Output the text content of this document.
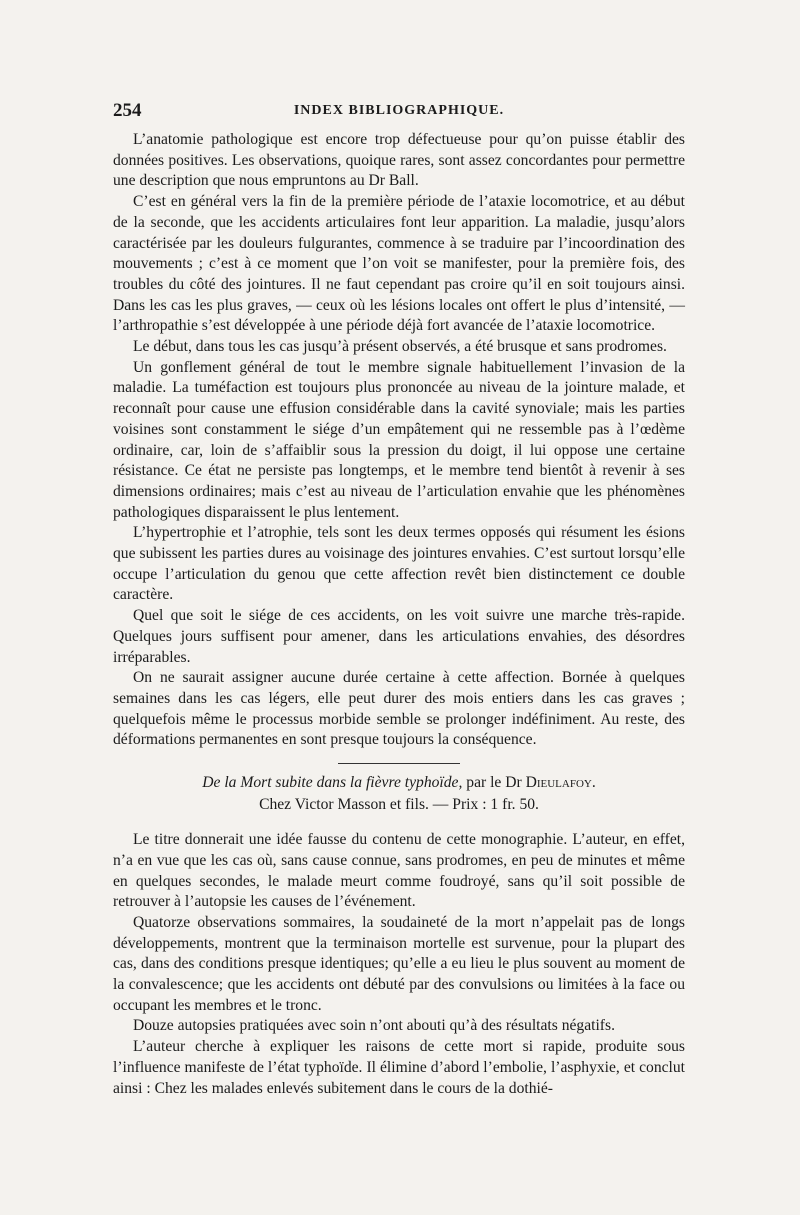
254	INDEX BIBLIOGRAPHIQUE.

L’anatomie pathologique est encore trop défectueuse pour qu’on puisse établir des données positives. Les observations, quoique rares, sont assez concordantes pour permettre une description que nous empruntons au Dr Ball.

C’est en général vers la fin de la première période de l’ataxie locomotrice, et au début de la seconde, que les accidents articulaires font leur apparition. La maladie, jusqu’alors caractérisée par les douleurs fulgurantes, commence à se traduire par l’incoordination des mouvements ; c’est à ce moment que l’on voit se manifester, pour la première fois, des troubles du côté des jointures. Il ne faut cependant pas croire qu’il en soit toujours ainsi. Dans les cas les plus graves, — ceux où les lésions locales ont offert le plus d’intensité, — l’arthropathie s’est développée à une période déjà fort avancée de l’ataxie locomotrice.

Le début, dans tous les cas jusqu’à présent observés, a été brusque et sans prodromes.

Un gonflement général de tout le membre signale habituellement l’invasion de la maladie. La tuméfaction est toujours plus prononcée au niveau de la jointure malade, et reconnaît pour cause une effusion considérable dans la cavité synoviale; mais les parties voisines sont constamment le siége d’un empâtement qui ne ressemble pas à l’œdème ordinaire, car, loin de s’affaiblir sous la pression du doigt, il lui oppose une certaine résistance. Ce état ne persiste pas longtemps, et le membre tend bientôt à revenir à ses dimensions ordinaires; mais c’est au niveau de l’articulation envahie que les phénomènes pathologiques disparaissent le plus lentement.

L’hypertrophie et l’atrophie, tels sont les deux termes opposés qui résument les ésions que subissent les parties dures au voisinage des jointures envahies. C’est surtout lorsqu’elle occupe l’articulation du genou que cette affection revêt bien distinctement ce double caractère.

Quel que soit le siége de ces accidents, on les voit suivre une marche très-rapide. Quelques jours suffisent pour amener, dans les articulations envahies, des désordres irréparables.

On ne saurait assigner aucune durée certaine à cette affection. Bornée à quelques semaines dans les cas légers, elle peut durer des mois entiers dans les cas graves ; quelquefois même le processus morbide semble se prolonger indéfiniment. Au reste, des déformations permanentes en sont presque toujours la conséquence.

De la Mort subite dans la fièvre typhoïde, par le Dr Dieulafoy.
Chez Victor Masson et fils. — Prix : 1 fr. 50.

Le titre donnerait une idée fausse du contenu de cette monographie. L’auteur, en effet, n’a en vue que les cas où, sans cause connue, sans prodromes, en peu de minutes et même en quelques secondes, le malade meurt comme foudroyé, sans qu’il soit possible de retrouver à l’autopsie les causes de l’événement.

Quatorze observations sommaires, la soudaineté de la mort n’appelait pas de longs développements, montrent que la terminaison mortelle est survenue, pour la plupart des cas, dans des conditions presque identiques; qu’elle a eu lieu le plus souvent au moment de la convalescence; que les accidents ont débuté par des convulsions ou limitées à la face ou occupant les membres et le tronc.

Douze autopsies pratiquées avec soin n’ont abouti qu’à des résultats négatifs.

L’auteur cherche à expliquer les raisons de cette mort si rapide, produite sous l’influence manifeste de l’état typhoïde. Il élimine d’abord l’embolie, l’asphyxie, et conclut ainsi : Chez les malades enlevés subitement dans le cours de la dothié-
